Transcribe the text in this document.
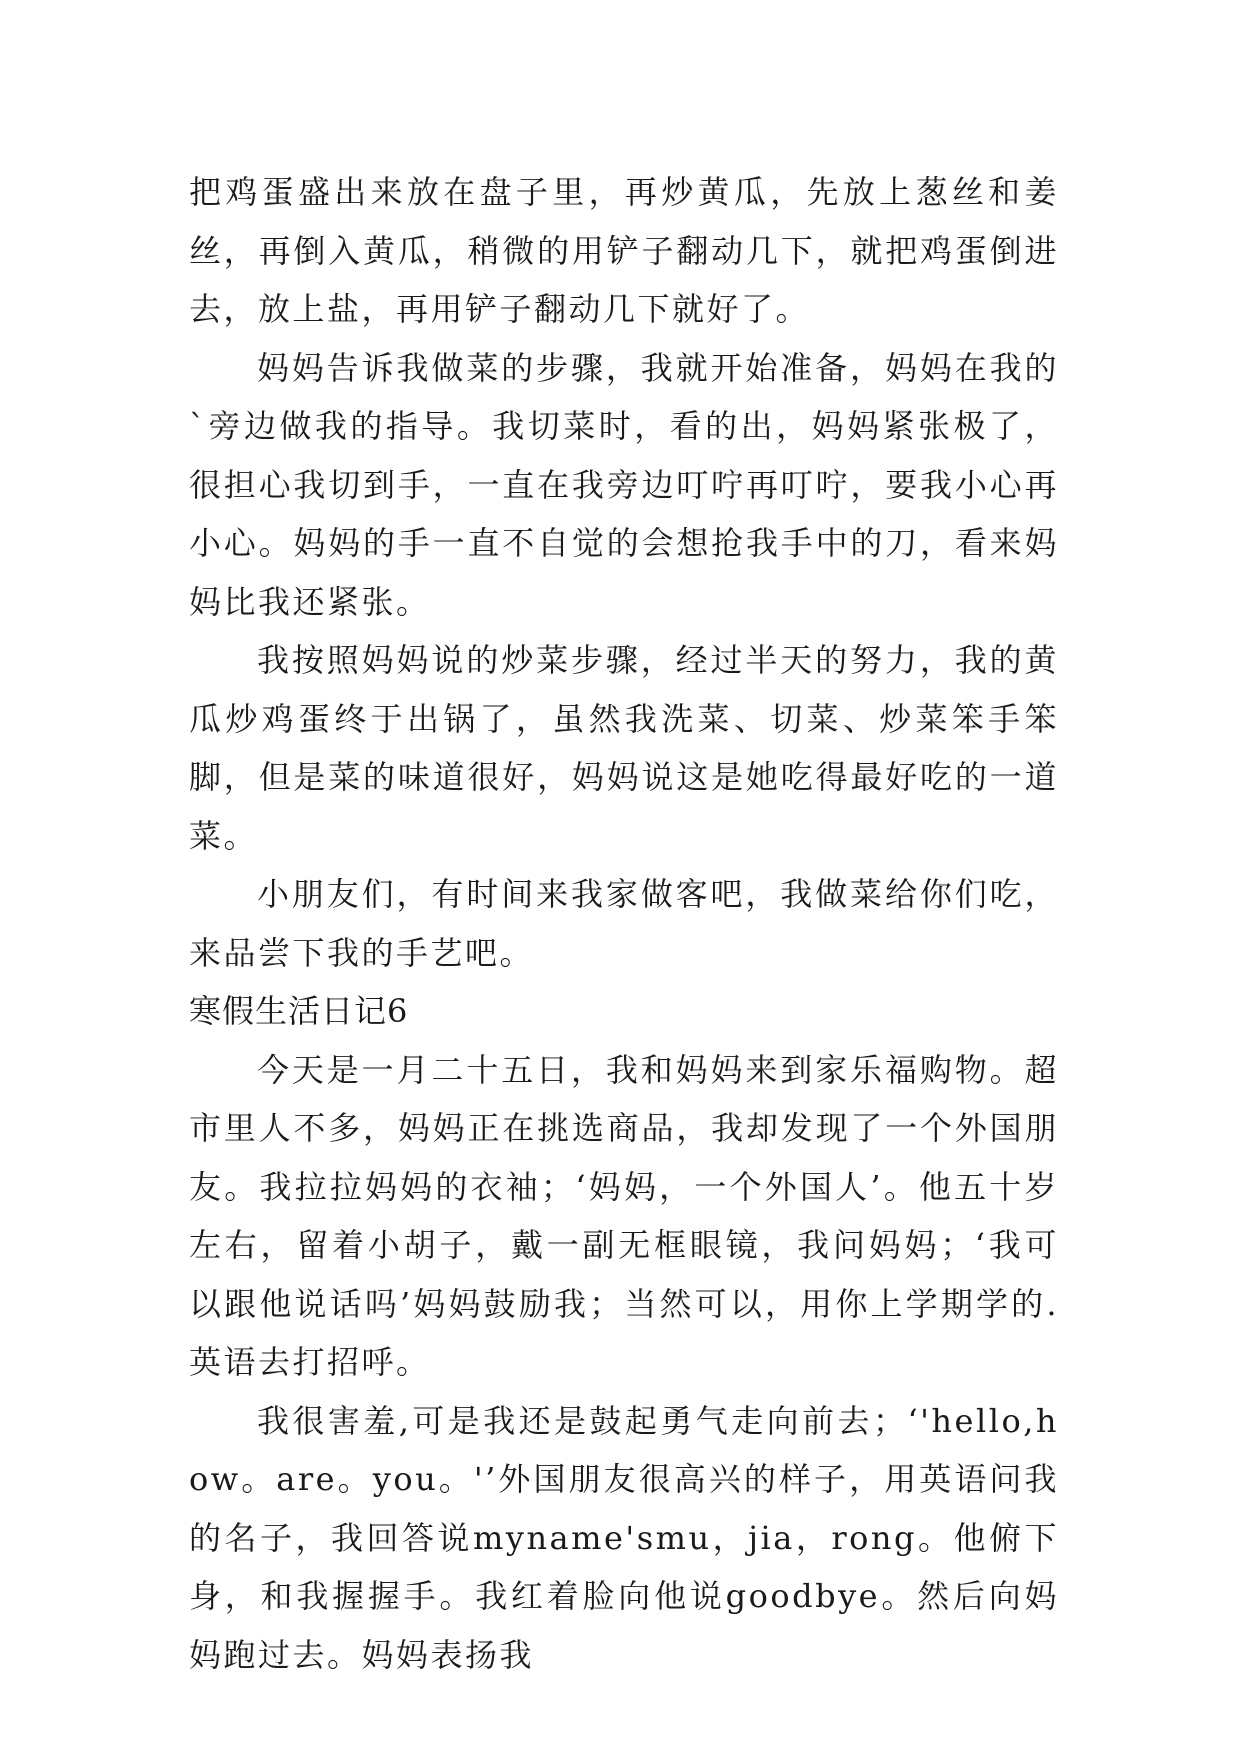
把鸡蛋盛出来放在盘子里，再炒黄瓜，先放上葱丝和姜丝，再倒入黄瓜，稍微的用铲子翻动几下，就把鸡蛋倒进去，放上盐，再用铲子翻动几下就好了。

妈妈告诉我做菜的步骤，我就开始准备，妈妈在我的`旁边做我的指导。我切菜时，看的出，妈妈紧张极了，很担心我切到手，一直在我旁边叮咛再叮咛，要我小心再小心。妈妈的手一直不自觉的会想抢我手中的刀，看来妈妈比我还紧张。

我按照妈妈说的炒菜步骤，经过半天的努力，我的黄瓜炒鸡蛋终于出锅了，虽然我洗菜、切菜、炒菜笨手笨脚，但是菜的味道很好，妈妈说这是她吃得最好吃的一道菜。

小朋友们，有时间来我家做客吧，我做菜给你们吃，来品尝下我的手艺吧。

寒假生活日记6

今天是一月二十五日，我和妈妈来到家乐福购物。超市里人不多，妈妈正在挑选商品，我却发现了一个外国朋友。我拉拉妈妈的衣袖；‘妈妈，一个外国人’。他五十岁左右，留着小胡子，戴一副无框眼镜，我问妈妈；‘我可以跟他说话吗’妈妈鼓励我；当然可以，用你上学期学的.英语去打招呼。

我很害羞,可是我还是鼓起勇气走向前去；‘'hello,how。are。you。'’外国朋友很高兴的样子，用英语问我的名子，我回答说myname'smu，jia，rong。他俯下身，和我握握手。我红着脸向他说goodbye。然后向妈妈跑过去。妈妈表扬我
